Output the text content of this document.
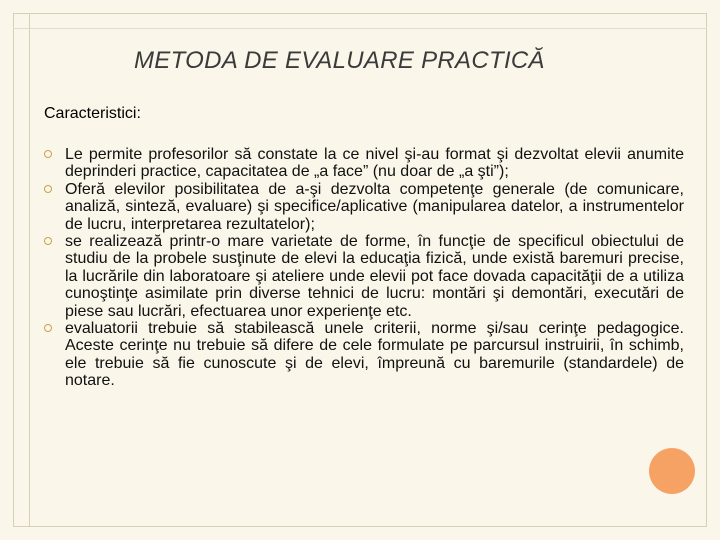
METODA DE EVALUARE PRACTICĂ
Caracteristici:
Le permite profesorilor să constate la ce nivel şi-au format şi dezvoltat elevii anumite deprinderi practice, capacitatea de „a face” (nu doar de „a şti”);
Oferă elevilor posibilitatea de a-şi dezvolta competenţe generale (de comunicare, analiză, sinteză, evaluare) şi specifice/aplicative (manipularea datelor, a instrumentelor de lucru, interpretarea rezultatelor);
se realizează printr-o mare varietate de forme, în funcţie de specificul obiectului de studiu de la probele susţinute de elevi la educaţia fizică, unde există baremuri precise, la lucrările din laboratoare şi ateliere unde elevii pot face dovada capacităţii de a utiliza cunoştinţe asimilate prin diverse tehnici de lucru: montări şi demontări, executări de piese sau lucrări, efectuarea unor experienţe etc.
evaluatorii trebuie să stabilească unele criterii, norme şi/sau cerinţe pedagogice. Aceste cerinţe nu trebuie să difere de cele formulate pe parcursul instruirii, în schimb, ele trebuie să fie cunoscute şi de elevi, împreună cu baremurile (standardele) de notare.
